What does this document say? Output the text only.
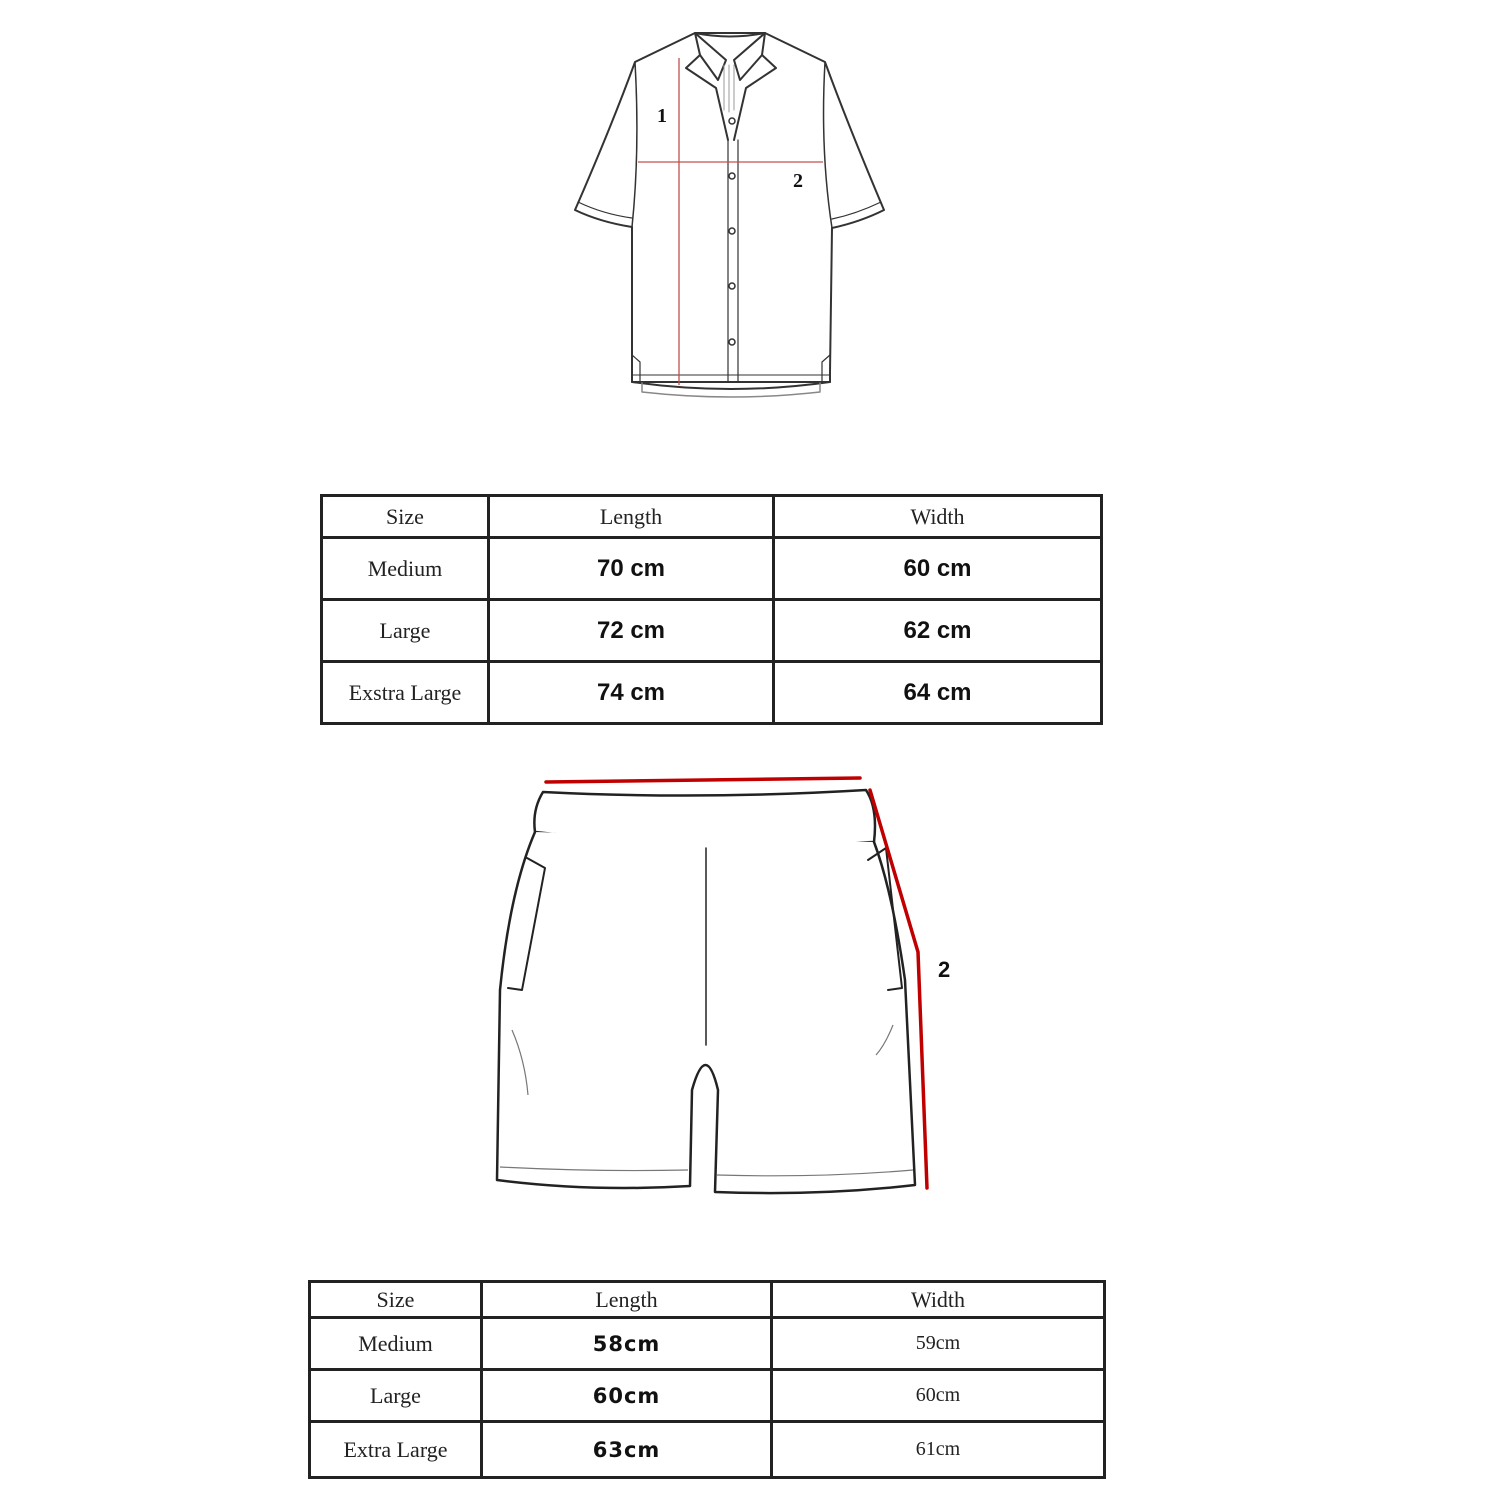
1
2
Size	Length	Width
Medium	70 cm	60 cm
Large	72 cm	62 cm
Exstra Large	74 cm	64 cm
2
Size	Length	Width
Medium	58cm	59cm
Large	60cm	60cm
Extra Large	63cm	61cm
